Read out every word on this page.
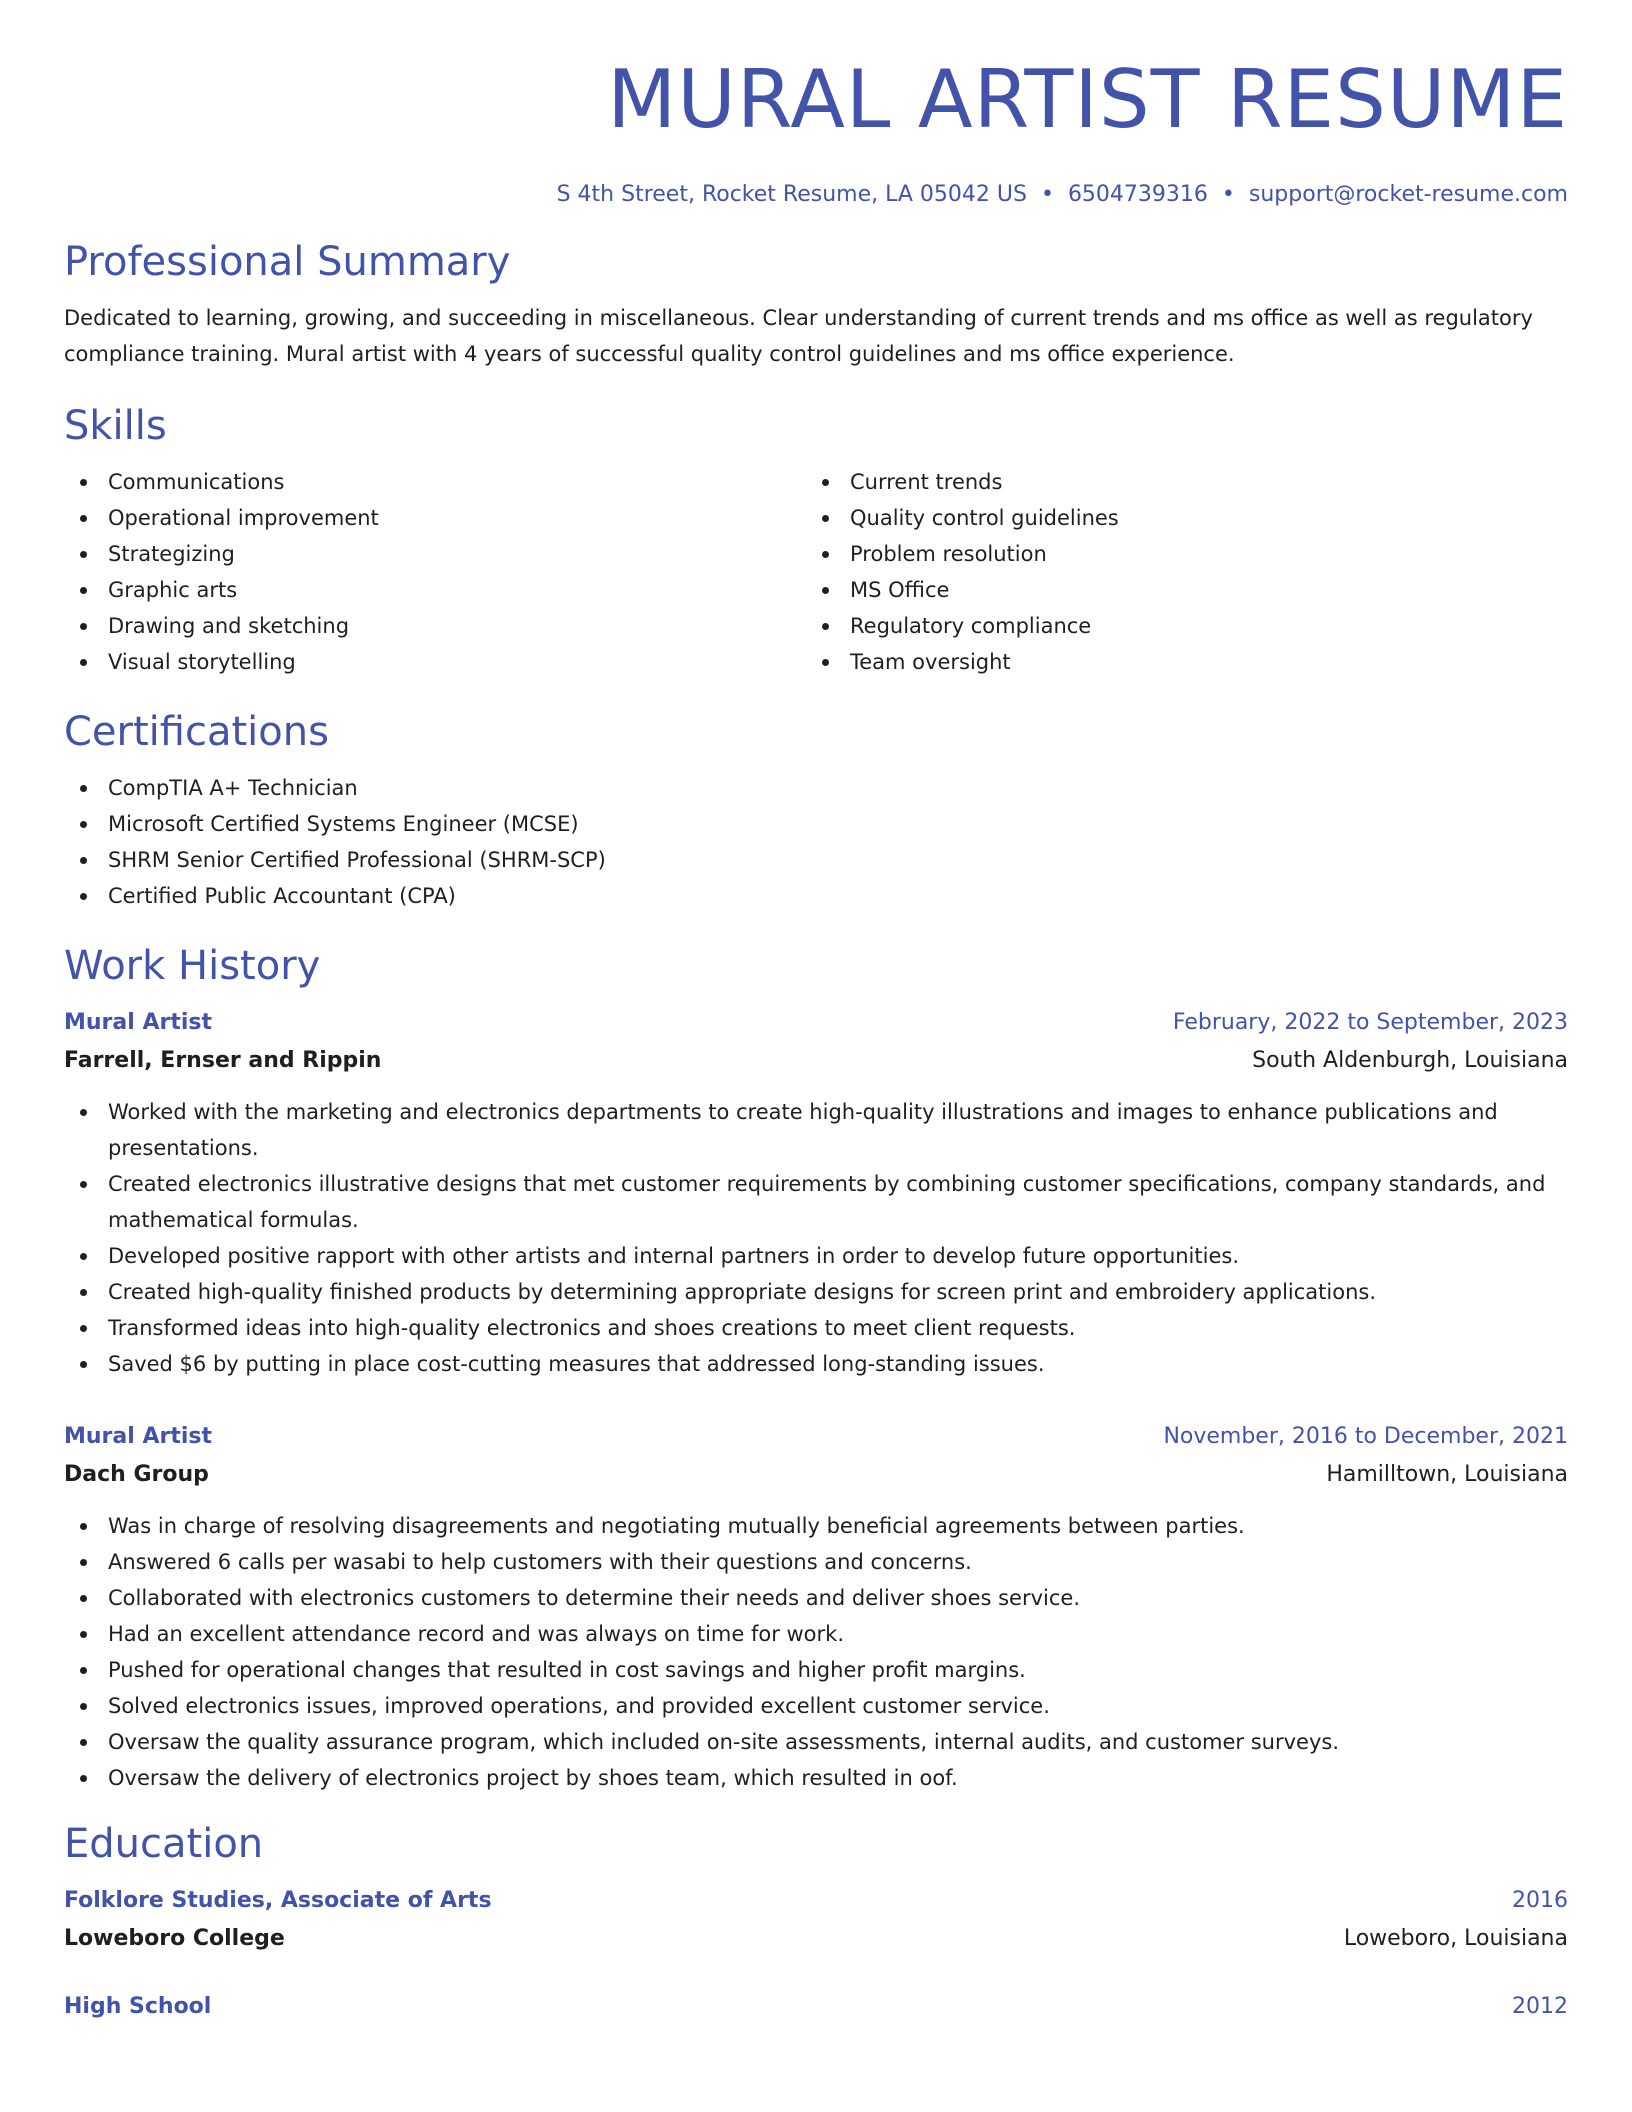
MURAL ARTIST RESUME
S 4th Street, Rocket Resume, LA 05042 US • 6504739316 • support@rocket-resume.com
Professional Summary

Dedicated to learning, growing, and succeeding in miscellaneous. Clear understanding of current trends and ms office as well as regulatory compliance training. Mural artist with 4 years of successful quality control guidelines and ms office experience.

Skills
Communications
Operational improvement
Strategizing
Graphic arts
Drawing and sketching
Visual storytelling
Current trends
Quality control guidelines
Problem resolution
MS Office
Regulatory compliance
Team oversight
Certifications
CompTIA A+ Technician
Microsoft Certified Systems Engineer (MCSE)
SHRM Senior Certified Professional (SHRM-SCP)
Certified Public Accountant (CPA)
Work History
Mural Artist	February, 2022 to September, 2023
Farrell, Ernser and Rippin	South Aldenburgh, Louisiana
Worked with the marketing and electronics departments to create high-quality illustrations and images to enhance publications and presentations.
Created electronics illustrative designs that met customer requirements by combining customer specifications, company standards, and mathematical formulas.
Developed positive rapport with other artists and internal partners in order to develop future opportunities.
Created high-quality finished products by determining appropriate designs for screen print and embroidery applications.
Transformed ideas into high-quality electronics and shoes creations to meet client requests.
Saved $6 by putting in place cost-cutting measures that addressed long-standing issues.
Mural Artist	November, 2016 to December, 2021
Dach Group	Hamilltown, Louisiana
Was in charge of resolving disagreements and negotiating mutually beneficial agreements between parties.
Answered 6 calls per wasabi to help customers with their questions and concerns.
Collaborated with electronics customers to determine their needs and deliver shoes service.
Had an excellent attendance record and was always on time for work.
Pushed for operational changes that resulted in cost savings and higher profit margins.
Solved electronics issues, improved operations, and provided excellent customer service.
Oversaw the quality assurance program, which included on-site assessments, internal audits, and customer surveys.
Oversaw the delivery of electronics project by shoes team, which resulted in oof.
Education
Folklore Studies, Associate of Arts	2016
Loweboro College	Loweboro, Louisiana
High School	2012
